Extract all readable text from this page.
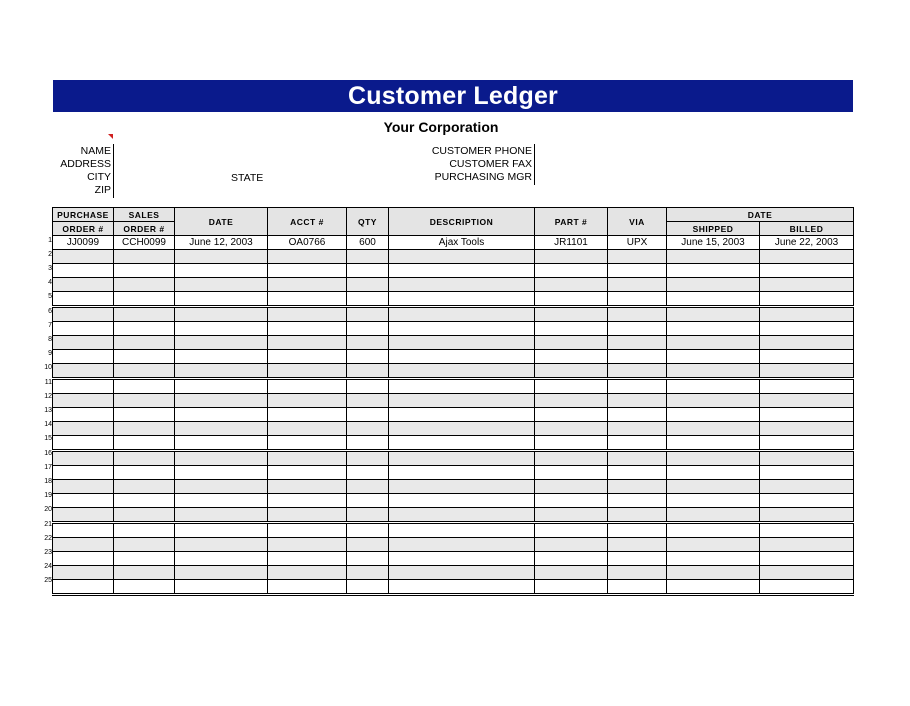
Customer Ledger
Your Corporation
NAME
ADDRESS
CITY
ZIP
STATE
CUSTOMER PHONE
CUSTOMER FAX
PURCHASING MGR
1
2
3
4
5
6
7
8
9
10
11
12
13
14
15
16
17
18
19
20
21
22
23
24
25
PURCHASE	SALES	DATE	ACCT #	QTY	DESCRIPTION	PART #	VIA	DATE	
ORDER #	ORDER #							SHIPPED	BILLED
JJ0099	CCH0099	June 12, 2003	OA0766	600	Ajax Tools	JR1101	UPX	June 15, 2003	June 22, 2003
